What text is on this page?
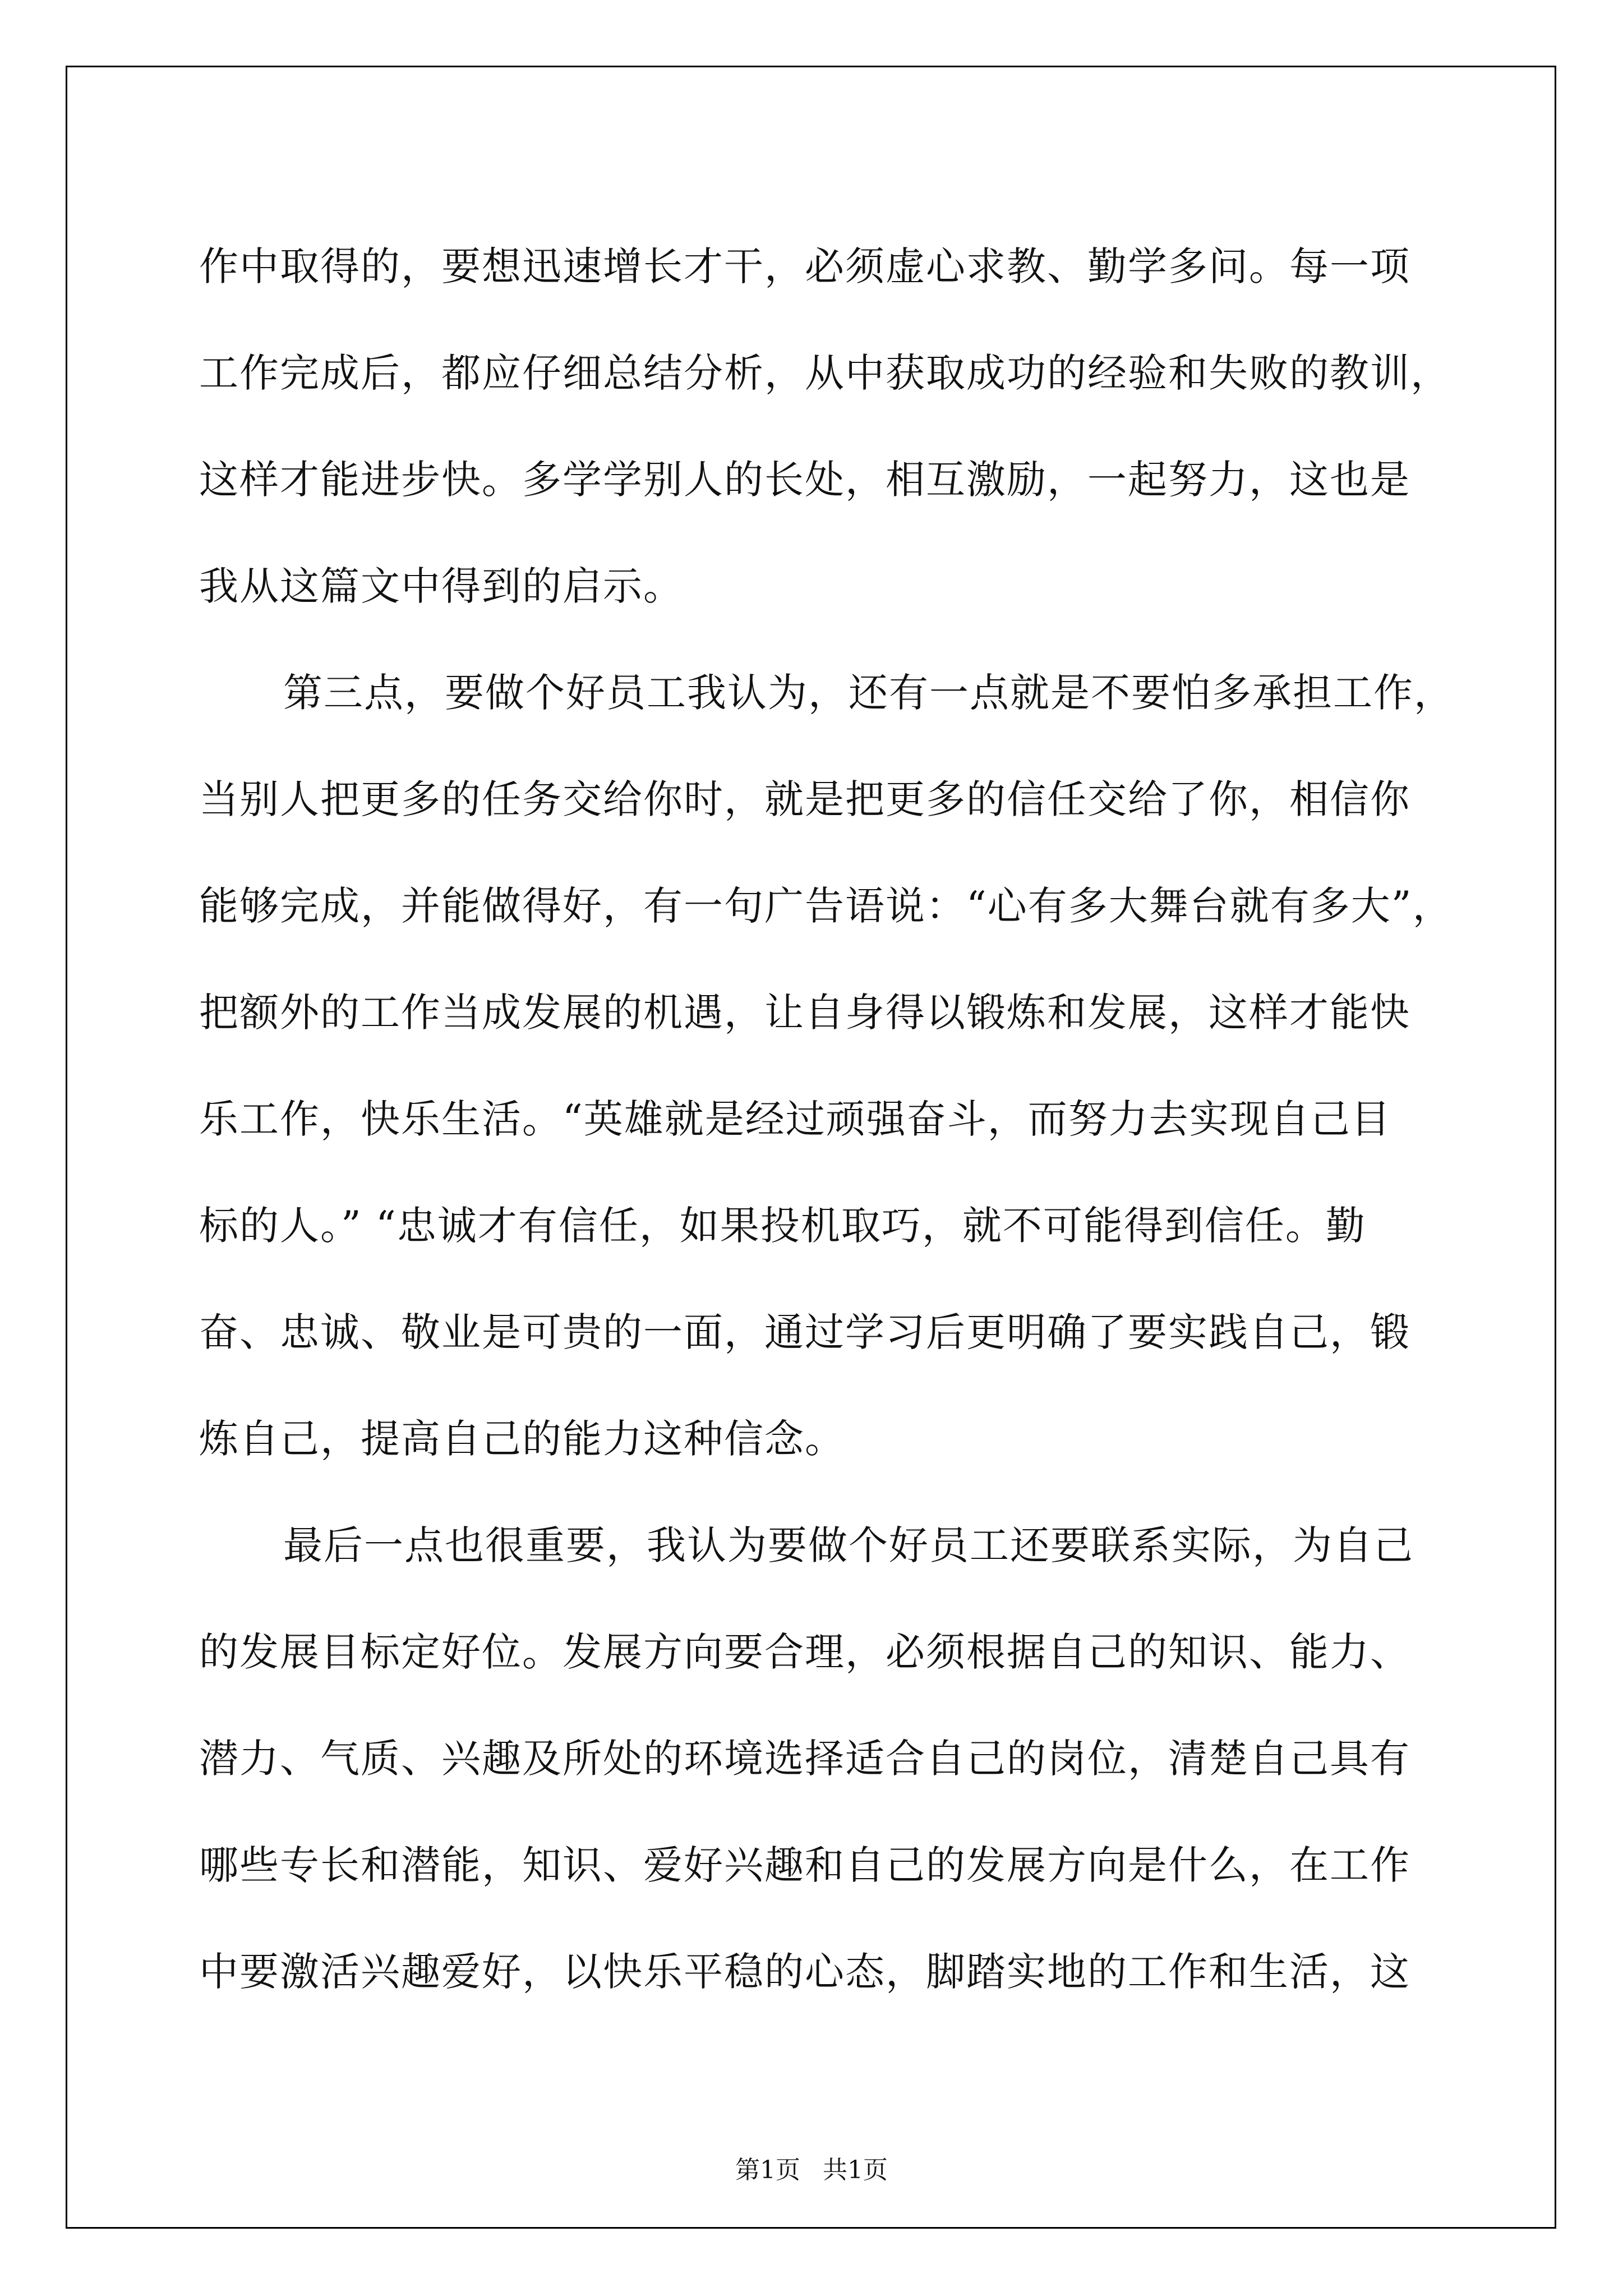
作中取得的，要想迅速增长才干，必须虚心求教、勤学多问。每一项
工作完成后，都应仔细总结分析，从中获取成功的经验和失败的教训，
这样才能进步快。多学学别人的长处，相互激励，一起努力，这也是
我从这篇文中得到的启示。
第三点，要做个好员工我认为，还有一点就是不要怕多承担工作，
当别人把更多的任务交给你时，就是把更多的信任交给了你，相信你
能够完成，并能做得好，有一句广告语说：“心有多大舞台就有多大”，
把额外的工作当成发展的机遇，让自身得以锻炼和发展，这样才能快
乐工作，快乐生活。“英雄就是经过顽强奋斗，而努力去实现自己目
标的人。” “忠诚才有信任，如果投机取巧，就不可能得到信任。勤
奋、忠诚、敬业是可贵的一面，通过学习后更明确了要实践自己，锻
炼自己，提高自己的能力这种信念。
最后一点也很重要，我认为要做个好员工还要联系实际，为自己
的发展目标定好位。发展方向要合理，必须根据自己的知识、能力、
潜力、气质、兴趣及所处的环境选择适合自己的岗位，清楚自己具有
哪些专长和潜能，知识、爱好兴趣和自己的发展方向是什么，在工作
中要激活兴趣爱好，以快乐平稳的心态，脚踏实地的工作和生活，这
第1页 共1页
